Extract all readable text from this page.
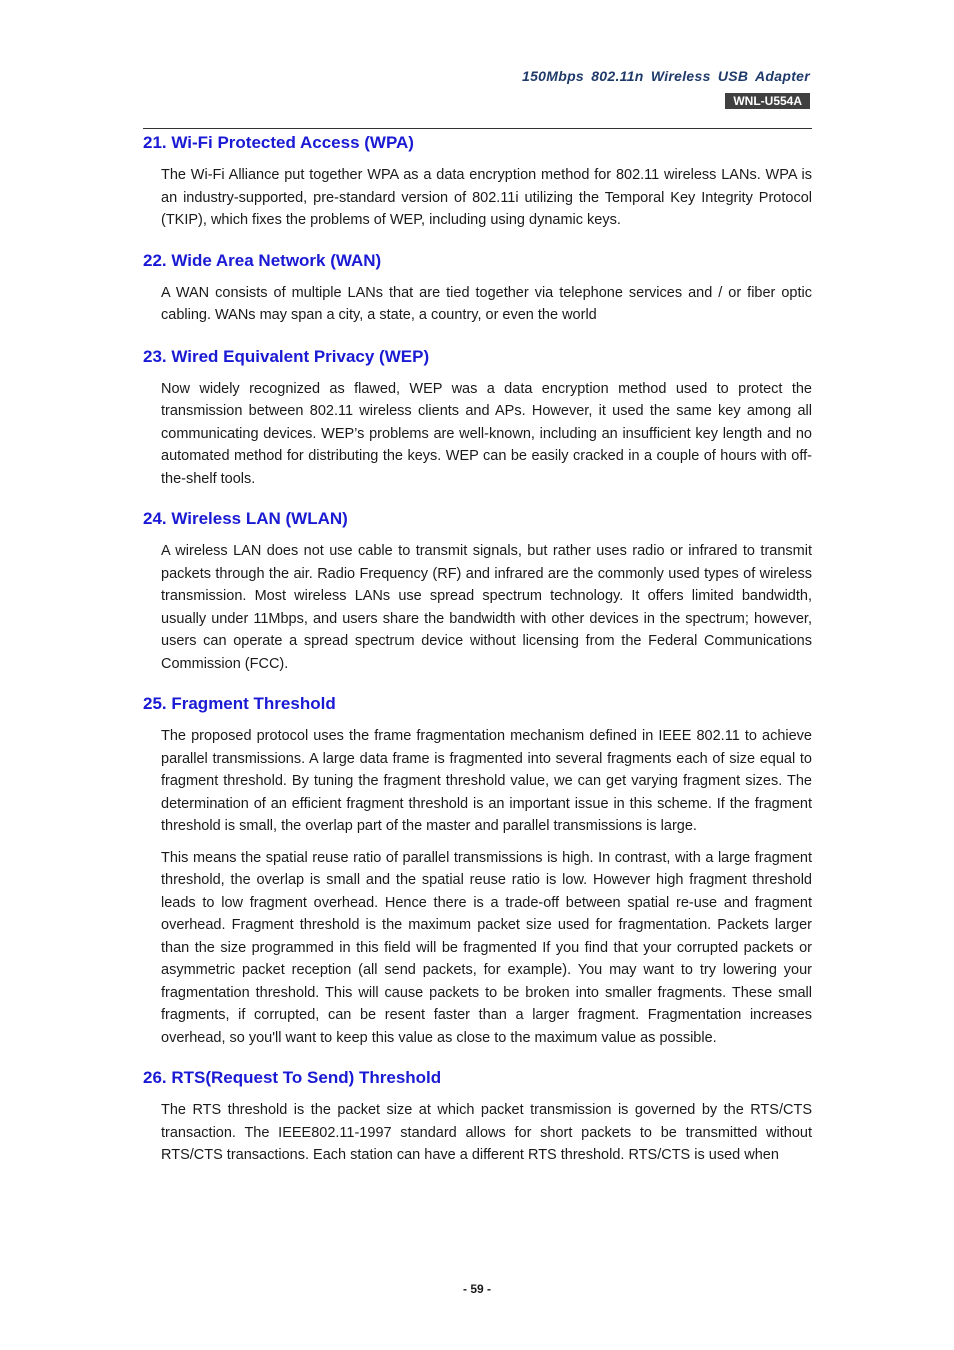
150Mbps 802.11n Wireless USB Adapter
WNL-U554A
21. Wi-Fi Protected Access (WPA)

The Wi-Fi Alliance put together WPA as a data encryption method for 802.11 wireless LANs. WPA is an industry-supported, pre-standard version of 802.11i utilizing the Temporal Key Integrity Protocol (TKIP), which fixes the problems of WEP, including using dynamic keys.

22. Wide Area Network (WAN)

A WAN consists of multiple LANs that are tied together via telephone services and / or fiber optic cabling. WANs may span a city, a state, a country, or even the world

23. Wired Equivalent Privacy (WEP)

Now widely recognized as flawed, WEP was a data encryption method used to protect the transmission between 802.11 wireless clients and APs. However, it used the same key among all communicating devices. WEP’s problems are well-known, including an insufficient key length and no automated method for distributing the keys. WEP can be easily cracked in a couple of hours with off-the-shelf tools.

24. Wireless LAN (WLAN)

A wireless LAN does not use cable to transmit signals, but rather uses radio or infrared to transmit packets through the air. Radio Frequency (RF) and infrared are the commonly used types of wireless transmission. Most wireless LANs use spread spectrum technology. It offers limited bandwidth, usually under 11Mbps, and users share the bandwidth with other devices in the spectrum; however, users can operate a spread spectrum device without licensing from the Federal Communications Commission (FCC).

25. Fragment Threshold

The proposed protocol uses the frame fragmentation mechanism defined in IEEE 802.11 to achieve parallel transmissions. A large data frame is fragmented into several fragments each of size equal to fragment threshold. By tuning the fragment threshold value, we can get varying fragment sizes. The determination of an efficient fragment threshold is an important issue in this scheme. If the fragment threshold is small, the overlap part of the master and parallel transmissions is large.

This means the spatial reuse ratio of parallel transmissions is high. In contrast, with a large fragment threshold, the overlap is small and the spatial reuse ratio is low. However high fragment threshold leads to low fragment overhead. Hence there is a trade-off between spatial re-use and fragment overhead. Fragment threshold is the maximum packet size used for fragmentation. Packets larger than the size programmed in this field will be fragmented If you find that your corrupted packets or asymmetric packet reception (all send packets, for example). You may want to try lowering your fragmentation threshold. This will cause packets to be broken into smaller fragments. These small fragments, if corrupted, can be resent faster than a larger fragment. Fragmentation increases overhead, so you'll want to keep this value as close to the maximum value as possible.

26. RTS(Request To Send) Threshold

The RTS threshold is the packet size at which packet transmission is governed by the RTS/CTS transaction. The IEEE802.11-1997 standard allows for short packets to be transmitted without RTS/CTS transactions. Each station can have a different RTS threshold. RTS/CTS is used when

- 59 -
